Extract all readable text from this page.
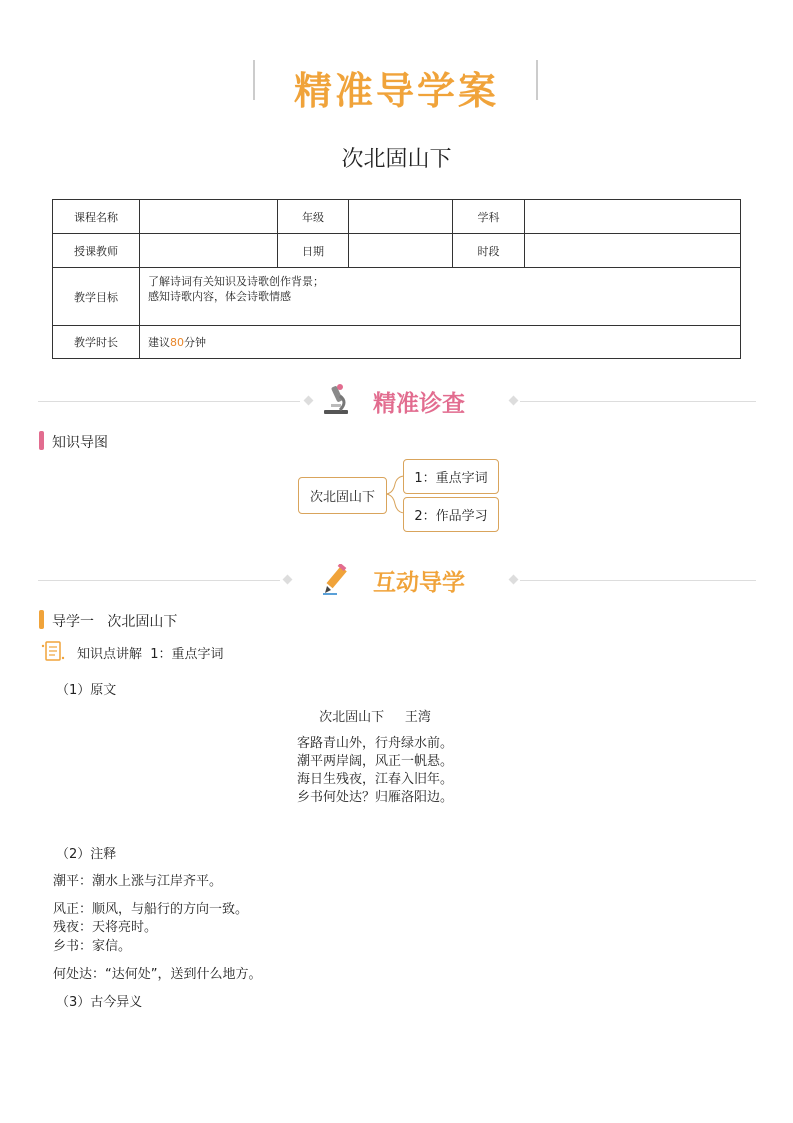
精准导学案
次北固山下
课程名称		年级		学科	
授课教师		日期		时段	
教学目标	了解诗词有关知识及诗歌创作背景；
感知诗歌内容，体会诗歌情感				

教学时长	建议80分钟				
精准诊查
知识导图
次北固山下
1：重点字词
2：作品学习
互动导学
导学一   次北固山下
知识点讲解  1：重点字词
（1）原文
次北固山下     王湾
客路青山外，行舟绿水前。
潮平两岸阔，风正一帆悬。
海日生残夜，江春入旧年。
乡书何处达？归雁洛阳边。
（2）注释
潮平：潮水上涨与江岸齐平。
风正：顺风，与船行的方向一致。
残夜：天将亮时。
乡书：家信。
何处达：“达何处”，送到什么地方。
（3）古今异义
